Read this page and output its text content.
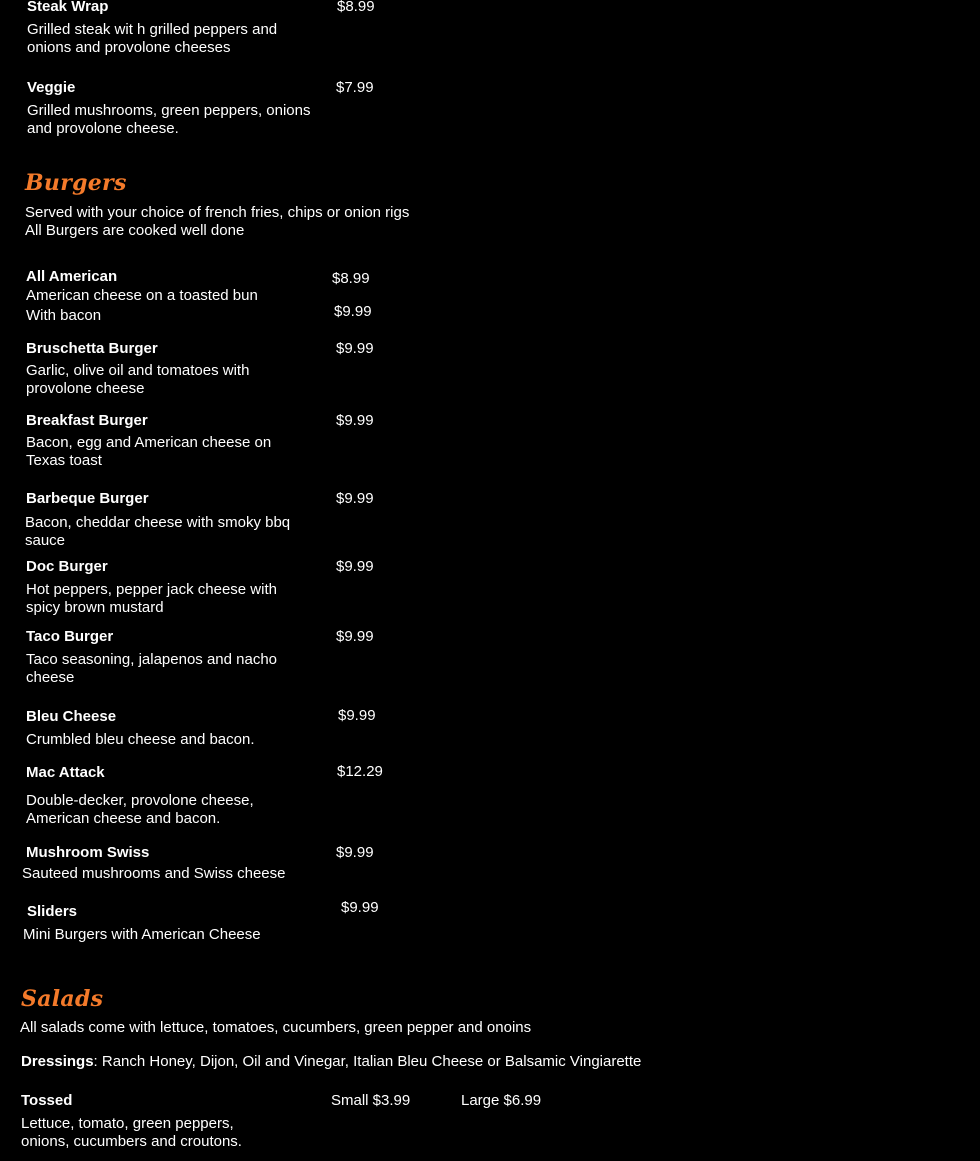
Steak Wrap	$8.99
Grilled steak wit h grilled peppers and
onions and provolone cheeses
Veggie	$7.99
Grilled mushrooms, green peppers, onions
and provolone cheese.
Burgers
Served with your choice of french fries, chips or onion rigs
All Burgers are cooked well done
All American	$8.99
American cheese on a toasted bun
With bacon	$9.99
Bruschetta Burger	$9.99
Garlic, olive oil and tomatoes with
provolone cheese
Breakfast Burger	$9.99
Bacon, egg and American cheese on
Texas toast
Barbeque Burger	$9.99
Bacon, cheddar cheese with smoky bbq
sauce
Doc Burger	$9.99
Hot peppers, pepper jack cheese with
spicy brown mustard
Taco Burger	$9.99
Taco seasoning, jalapenos and nacho
cheese
Bleu Cheese	$9.99
Crumbled bleu cheese and bacon.
Mac Attack	$12.29
Double-decker, provolone cheese,
American cheese and bacon.
Mushroom Swiss	$9.99
Sauteed mushrooms and Swiss cheese
Sliders	$9.99
Mini Burgers with American Cheese
Salads
All salads come with lettuce, tomatoes, cucumbers, green pepper and onoins
Dressings: Ranch Honey, Dijon, Oil and Vinegar, Italian Bleu Cheese or Balsamic Vingiarette
Tossed	Small $3.99	Large $6.99
Lettuce, tomato, green peppers,
onions, cucumbers and croutons.
